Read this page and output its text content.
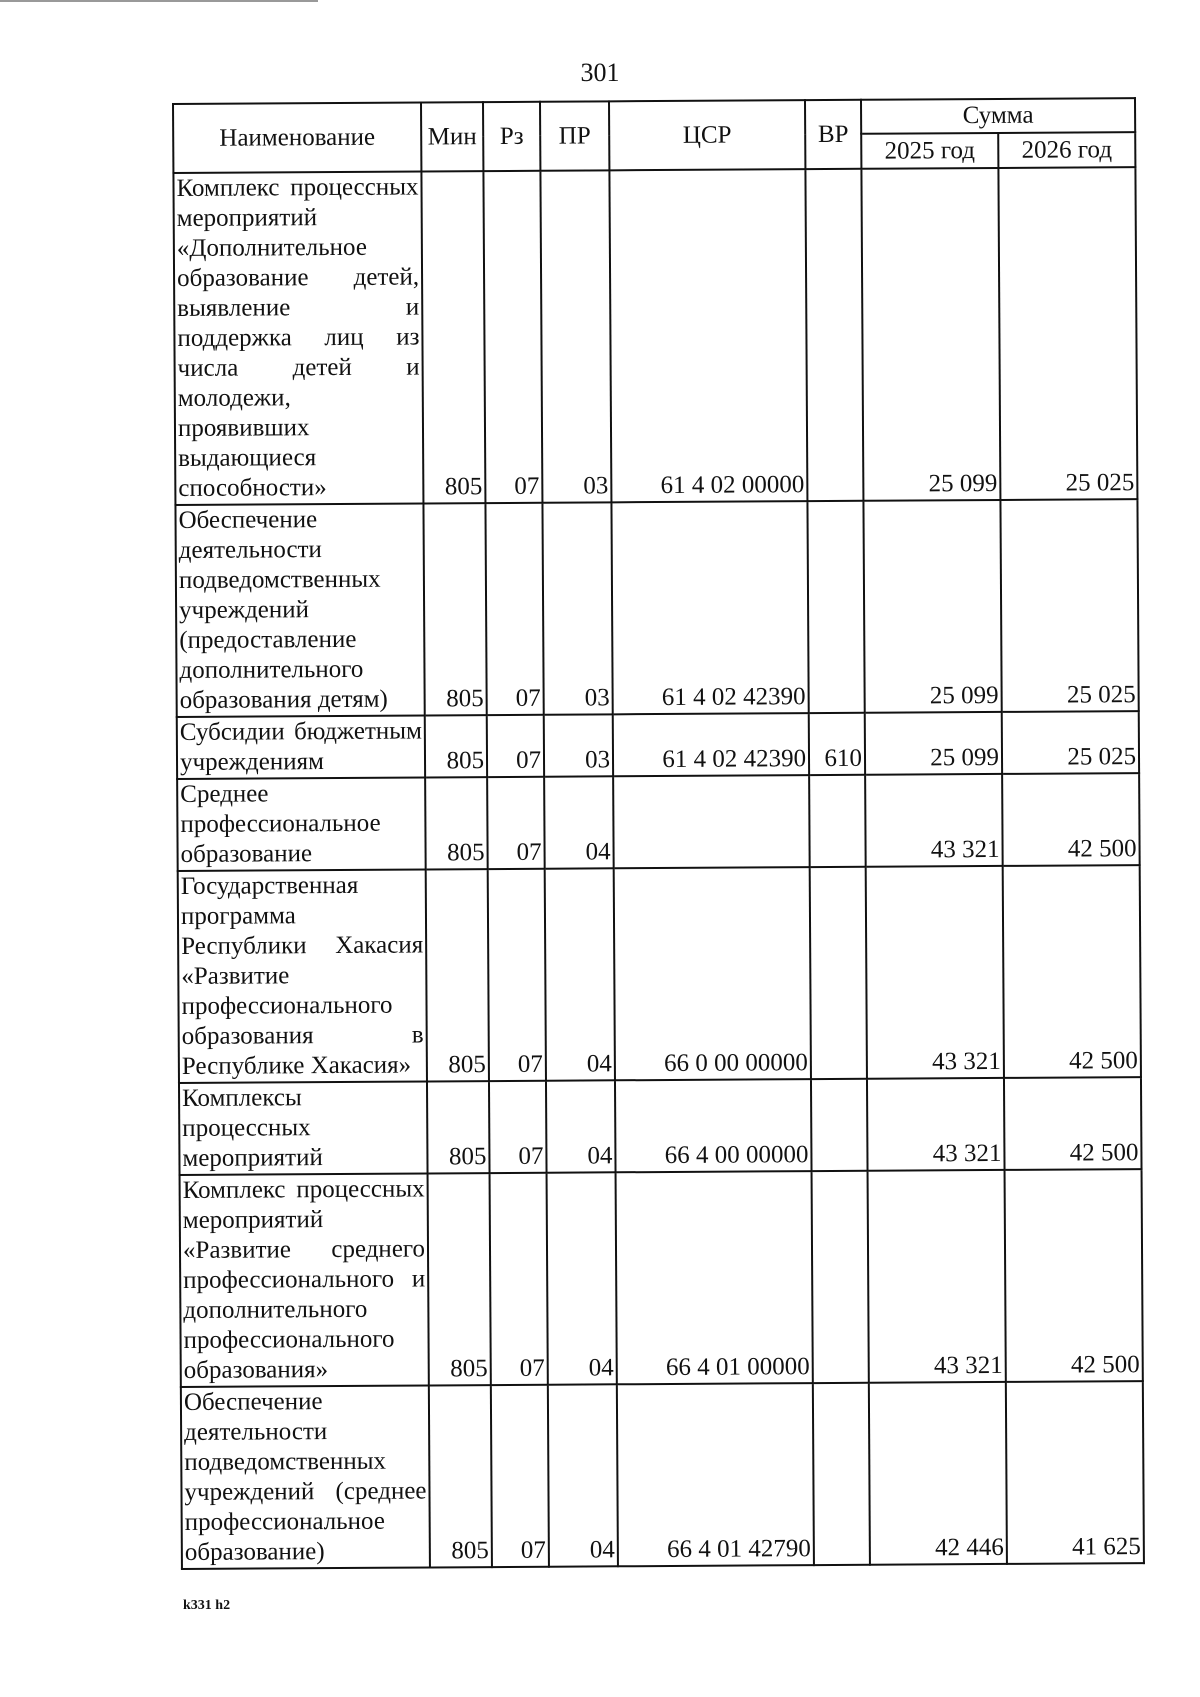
301
Наименование	Мин	Рз	ПР	ЦСР	ВР	Сумма	
						2025 год	2026 год
Комплекс процессных мероприятий «Дополнительное образование детей, выявление и поддержка лиц из числа детей и молодежи, проявивших выдающиеся способности»	805	07	03	61 4 02 00000		25 099	25 025
Обеспечение деятельности подведомственных учреждений (предоставление дополнительного образования детям)	805	07	03	61 4 02 42390		25 099	25 025
Субсидии бюджетным учреждениям	805	07	03	61 4 02 42390	610	25 099	25 025
Среднее профессиональное образование	805	07	04			43 321	42 500
Государственная программа Республики Хакасия «Развитие профессионального образования в Республике Хакасия»	805	07	04	66 0 00 00000		43 321	42 500
Комплексы процессных мероприятий	805	07	04	66 4 00 00000		43 321	42 500
Комплекс процессных мероприятий «Развитие среднего профессионального и дополнительного профессионального образования»	805	07	04	66 4 01 00000		43 321	42 500
Обеспечение деятельности подведомственных учреждений (среднее профессиональное образование)	805	07	04	66 4 01 42790		42 446	41 625
k331 h2
